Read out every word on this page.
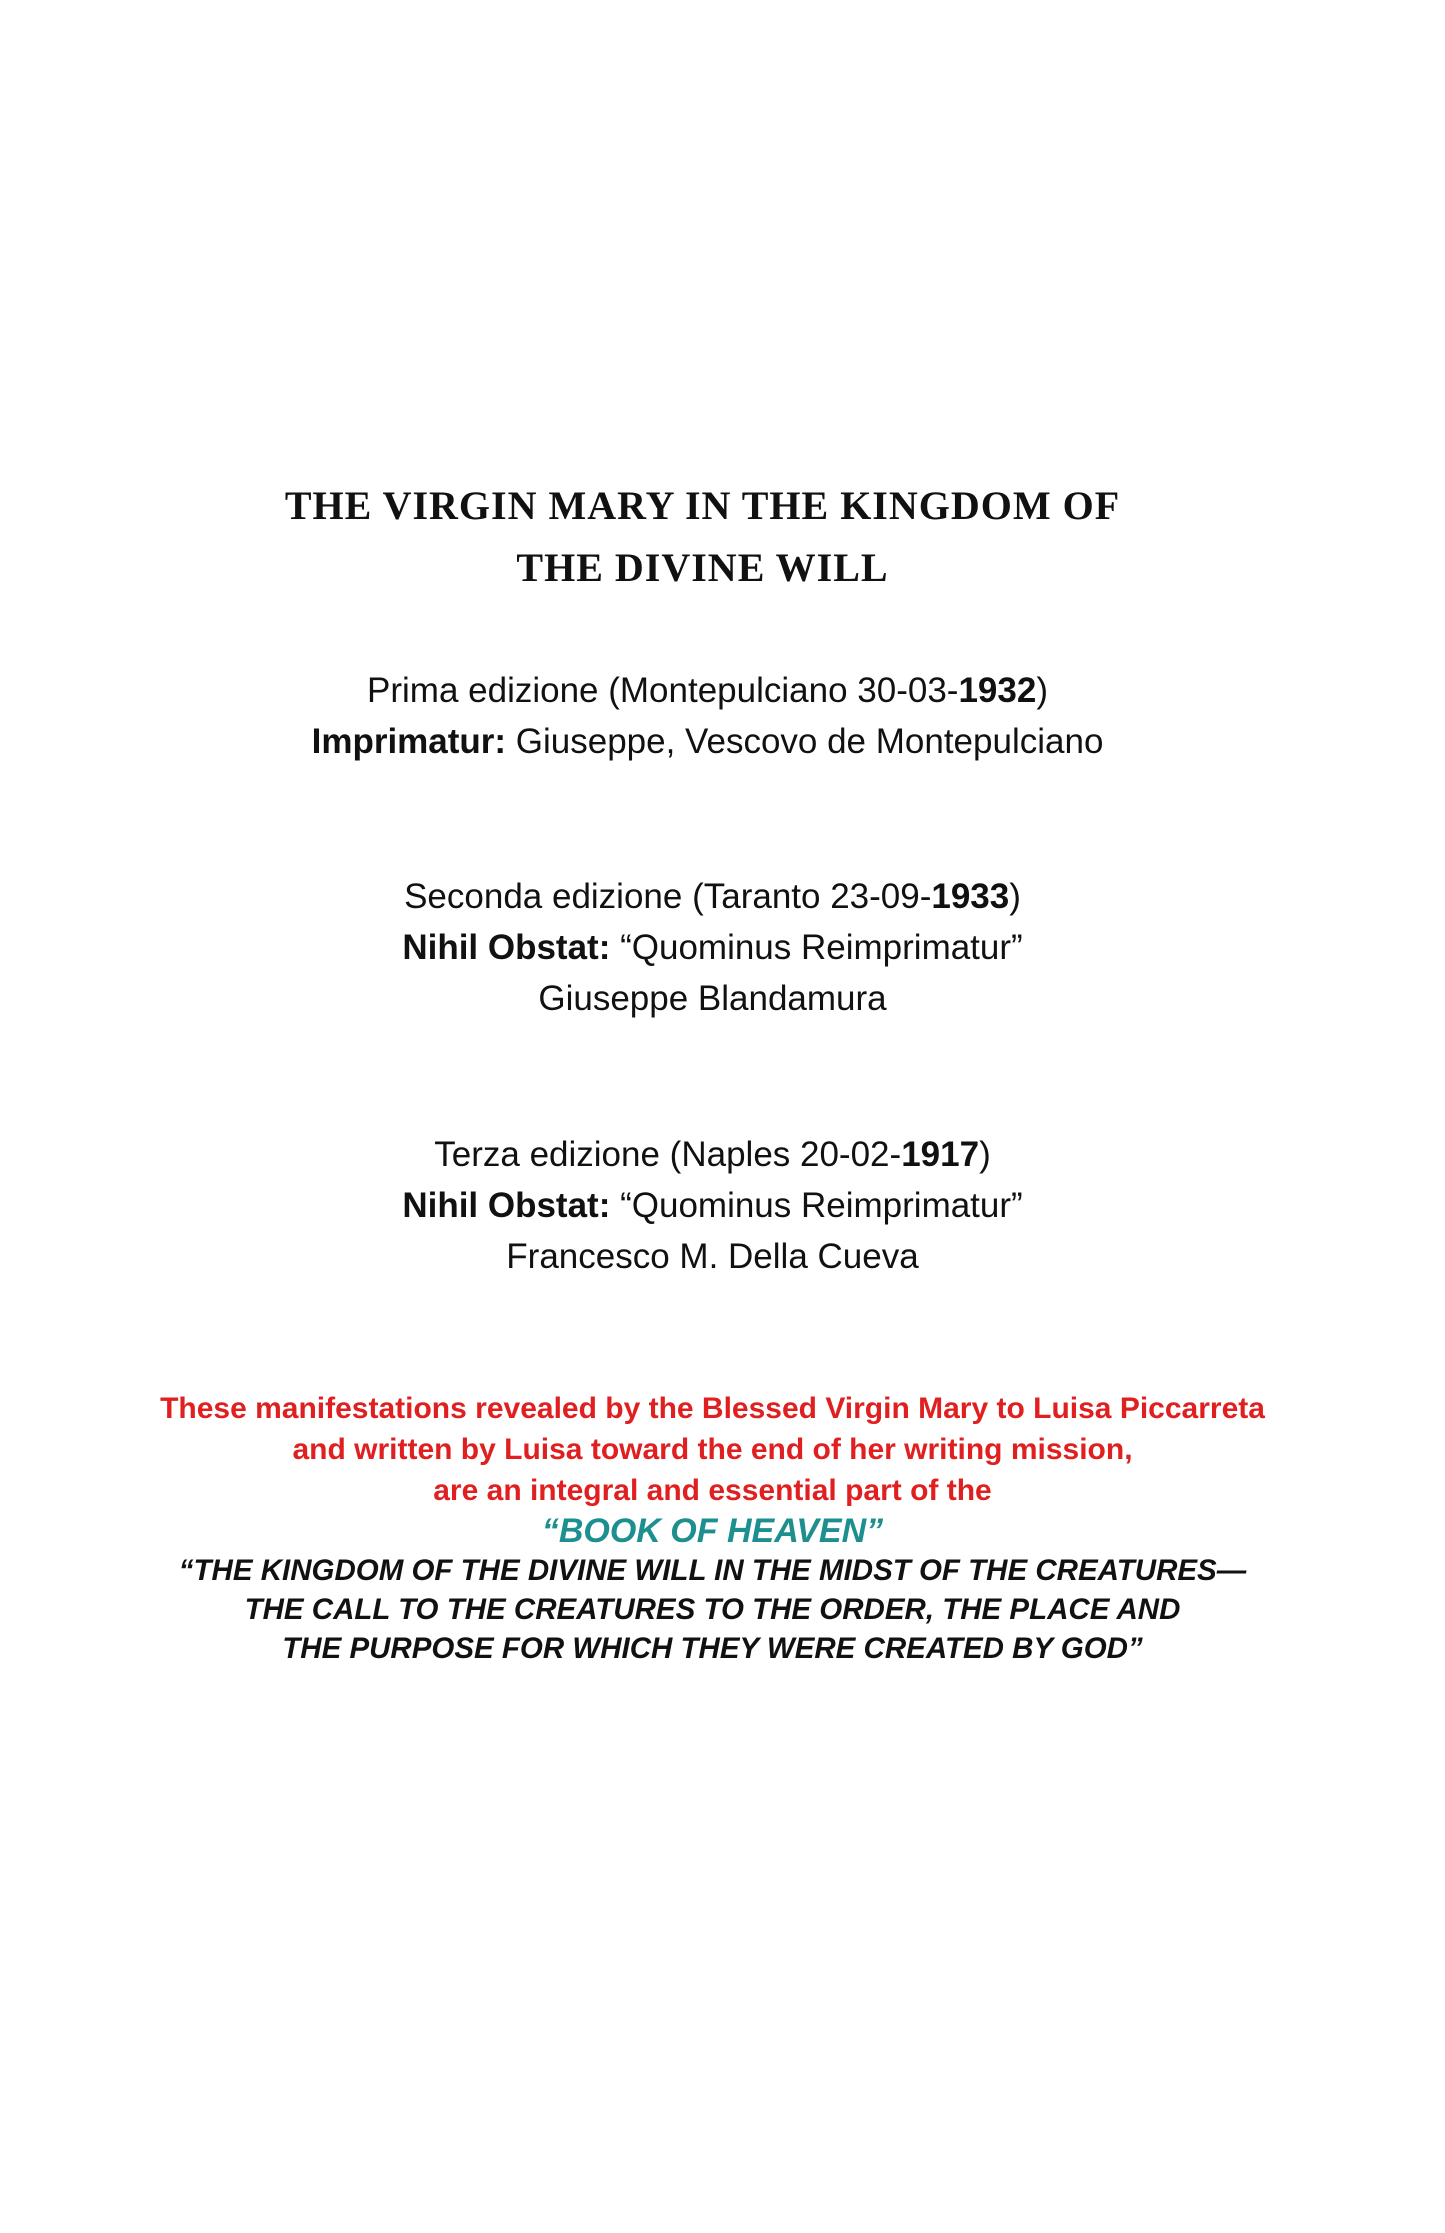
THE VIRGIN MARY IN THE KINGDOM OF
THE DIVINE WILL
Prima edizione (Montepulciano 30-03-1932)
Imprimatur: Giuseppe, Vescovo de Montepulciano
Seconda edizione (Taranto 23-09-1933)
Nihil Obstat: “Quominus Reimprimatur”
Giuseppe Blandamura
Terza edizione (Naples 20-02-1917)
Nihil Obstat: “Quominus Reimprimatur”
Francesco M. Della Cueva
These manifestations revealed by the Blessed Virgin Mary to Luisa Piccarreta
and written by Luisa toward the end of her writing mission,
are an integral and essential part of the
“BOOK OF HEAVEN”
“THE KINGDOM OF THE DIVINE WILL IN THE MIDST OF THE CREATURES—
THE CALL TO THE CREATURES TO THE ORDER, THE PLACE AND
THE PURPOSE FOR WHICH THEY WERE CREATED BY GOD”
